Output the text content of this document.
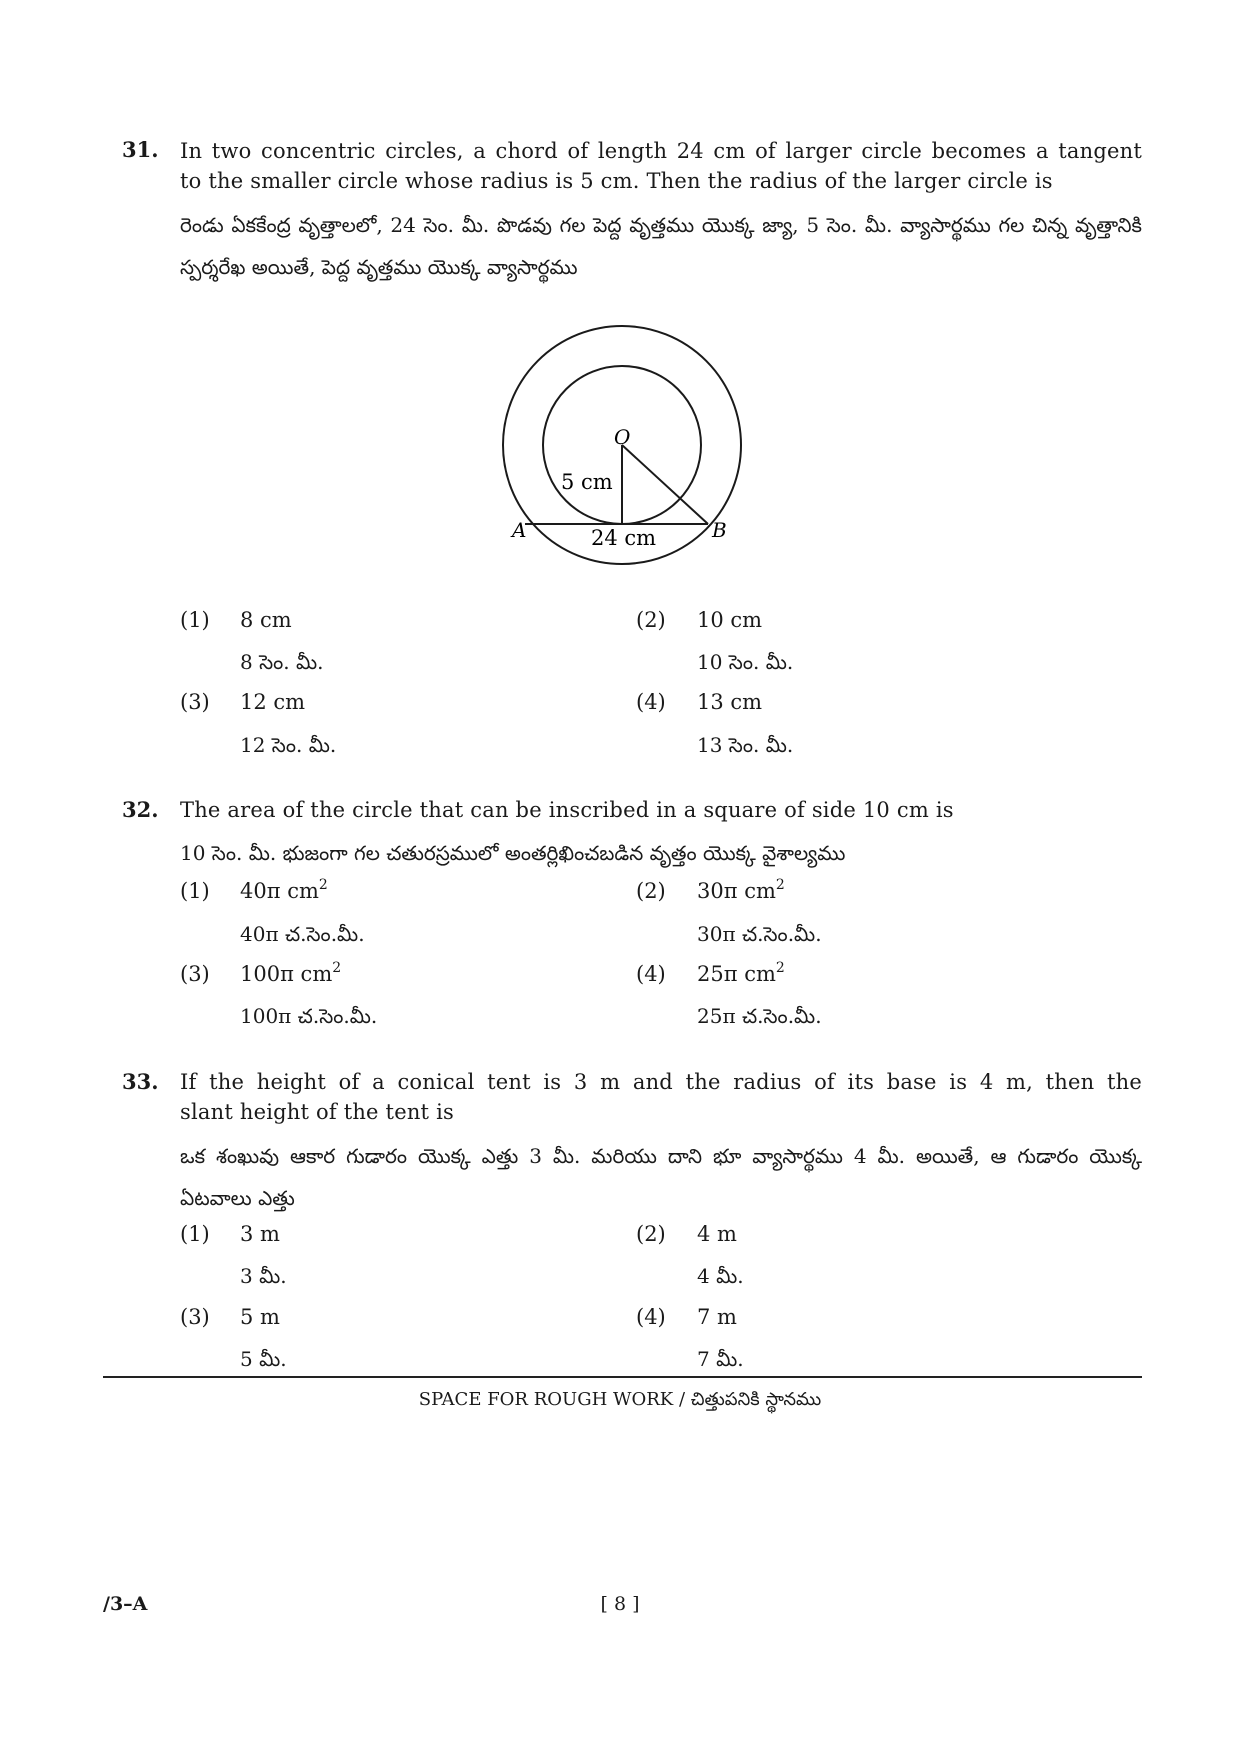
31. In two concentric circles, a chord of length 24 cm of larger circle becomes a tangent
to the smaller circle whose radius is 5 cm. Then the radius of the larger circle is
రెండు ఏకకేంద్ర వృత్తాలలో, 24 సెం. మీ. పొడవు గల పెద్ద వృత్తము యొక్క జ్యా, 5 సెం. మీ. వ్యాసార్థము గల చిన్న వృత్తానికి
స్పర్శరేఖ అయితే, పెద్ద వృత్తము యొక్క వ్యాసార్థము
O
5 cm
24 cm
A	B
(1) 8 cm
8 సెం. మీ.
(2) 10 cm
10 సెం. మీ.
(3) 12 cm
12 సెం. మీ.
(4) 13 cm
13 సెం. మీ.
32. The area of the circle that can be inscribed in a square of side 10 cm is
10 సెం. మీ. భుజంగా గల చతురస్రములో అంతర్లిఖించబడిన వృత్తం యొక్క వైశాల్యము
(1) 40π $cm^2$
40π చ.సెం.మీ.
(2) 30π $cm^2$
30π చ.సెం.మీ.
(3) 100π $cm^2$
100π చ.సెం.మీ.
(4) 25π $cm^2$
25π చ.సెం.మీ.
33. If the height of a conical tent is 3 m and the radius of its base is 4 m, then the
slant height of the tent is
ఒక శంఖువు ఆకార గుడారం యొక్క ఎత్తు 3 మీ. మరియు దాని భూ వ్యాసార్థము 4 మీ. అయితే, ఆ గుడారం యొక్క
ఏటవాలు ఎత్తు
(1) 3 m
3 మీ.
(2) 4 m
4 మీ.
(3) 5 m
5 మీ.
(4) 7 m
7 మీ.
SPACE FOR ROUGH WORK / చిత్తుపనికి స్థానము
/3–A	[ 8 ]
